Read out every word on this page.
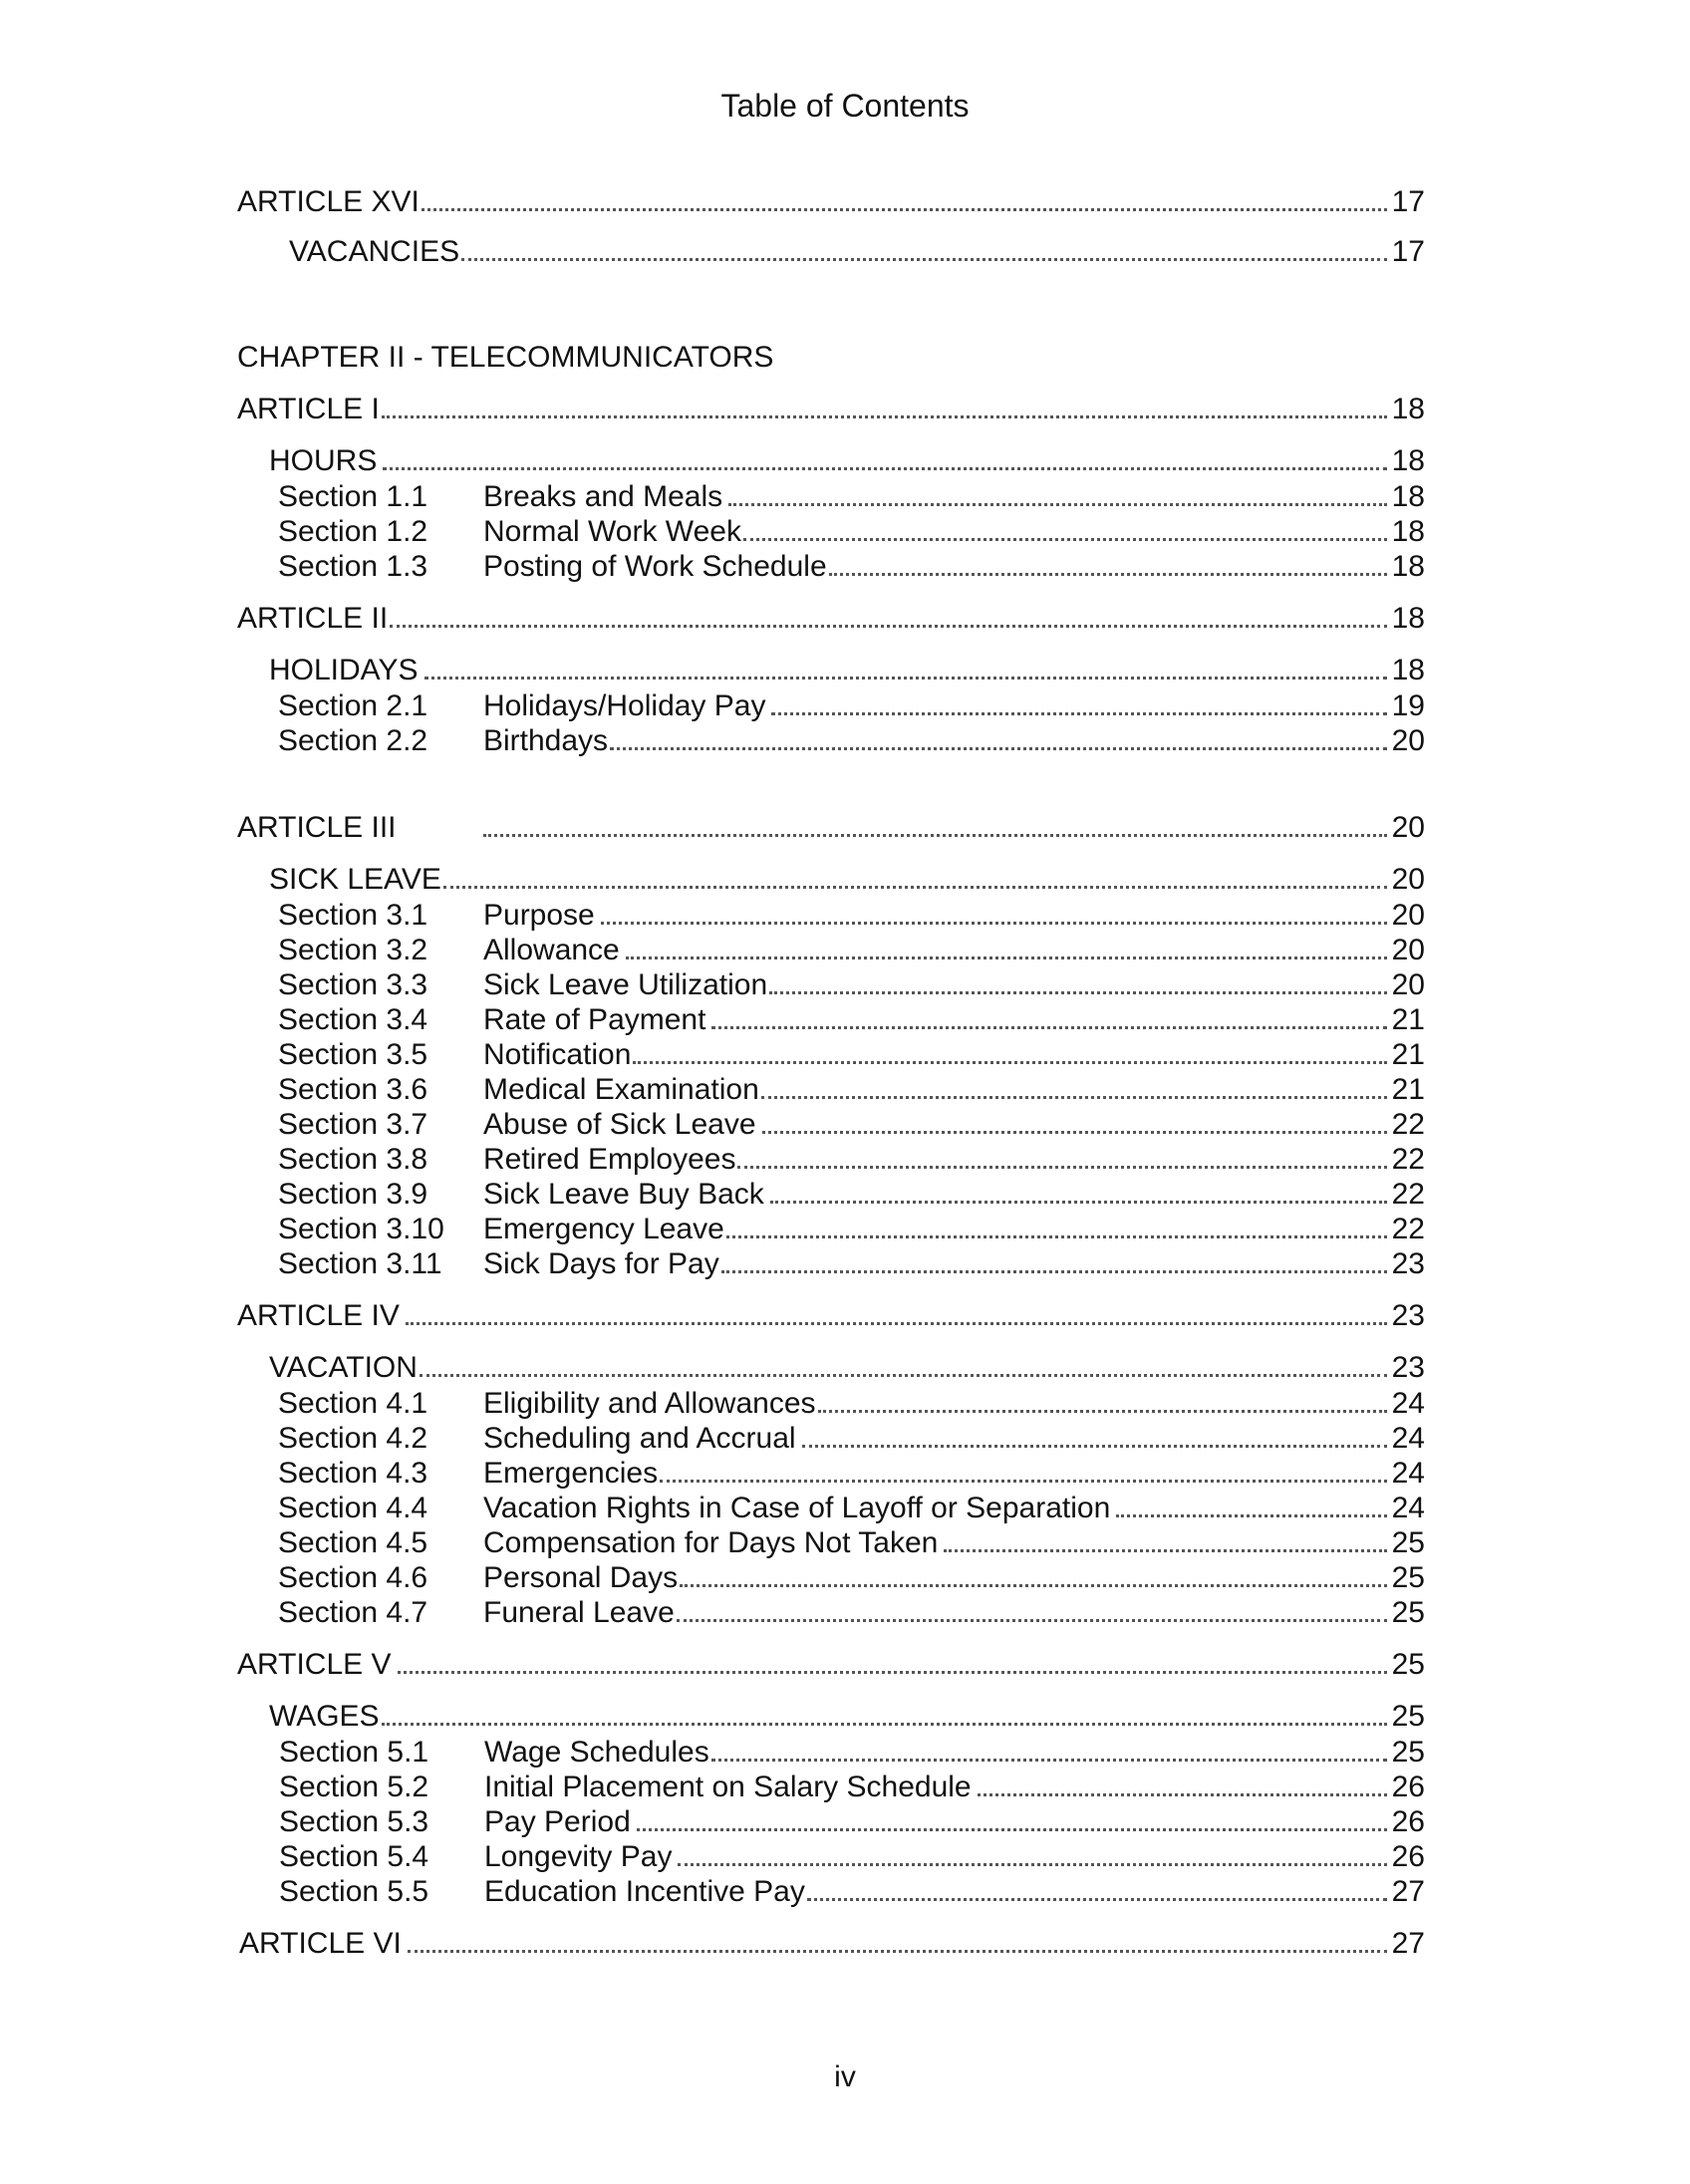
Table of Contents
ARTICLE XVI	17
VACANCIES	17
CHAPTER II - TELECOMMUNICATORS
ARTICLE I	18
HOURS	18
Section 1.1	Breaks and Meals	18
Section 1.2	Normal Work Week	18
Section 1.3	Posting of Work Schedule	18
ARTICLE II	18
HOLIDAYS	18
Section 2.1	Holidays/Holiday Pay	19
Section 2.2	Birthdays	20
ARTICLE III	20
SICK LEAVE	20
Section 3.1	Purpose	20
Section 3.2	Allowance	20
Section 3.3	Sick Leave Utilization	20
Section 3.4	Rate of Payment	21
Section 3.5	Notification	21
Section 3.6	Medical Examination	21
Section 3.7	Abuse of Sick Leave	22
Section 3.8	Retired Employees	22
Section 3.9	Sick Leave Buy Back	22
Section 3.10	Emergency Leave	22
Section 3.11	Sick Days for Pay	23
ARTICLE IV	23
VACATION	23
Section 4.1	Eligibility and Allowances	24
Section 4.2	Scheduling and Accrual	24
Section 4.3	Emergencies	24
Section 4.4	Vacation Rights in Case of Layoff or Separation	24
Section 4.5	Compensation for Days Not Taken	25
Section 4.6	Personal Days	25
Section 4.7	Funeral Leave	25
ARTICLE V	25
WAGES	25
Section 5.1	Wage Schedules	25
Section 5.2	Initial Placement on Salary Schedule	26
Section 5.3	Pay Period	26
Section 5.4	Longevity Pay	26
Section 5.5	Education Incentive Pay	27
ARTICLE VI	27
iv
